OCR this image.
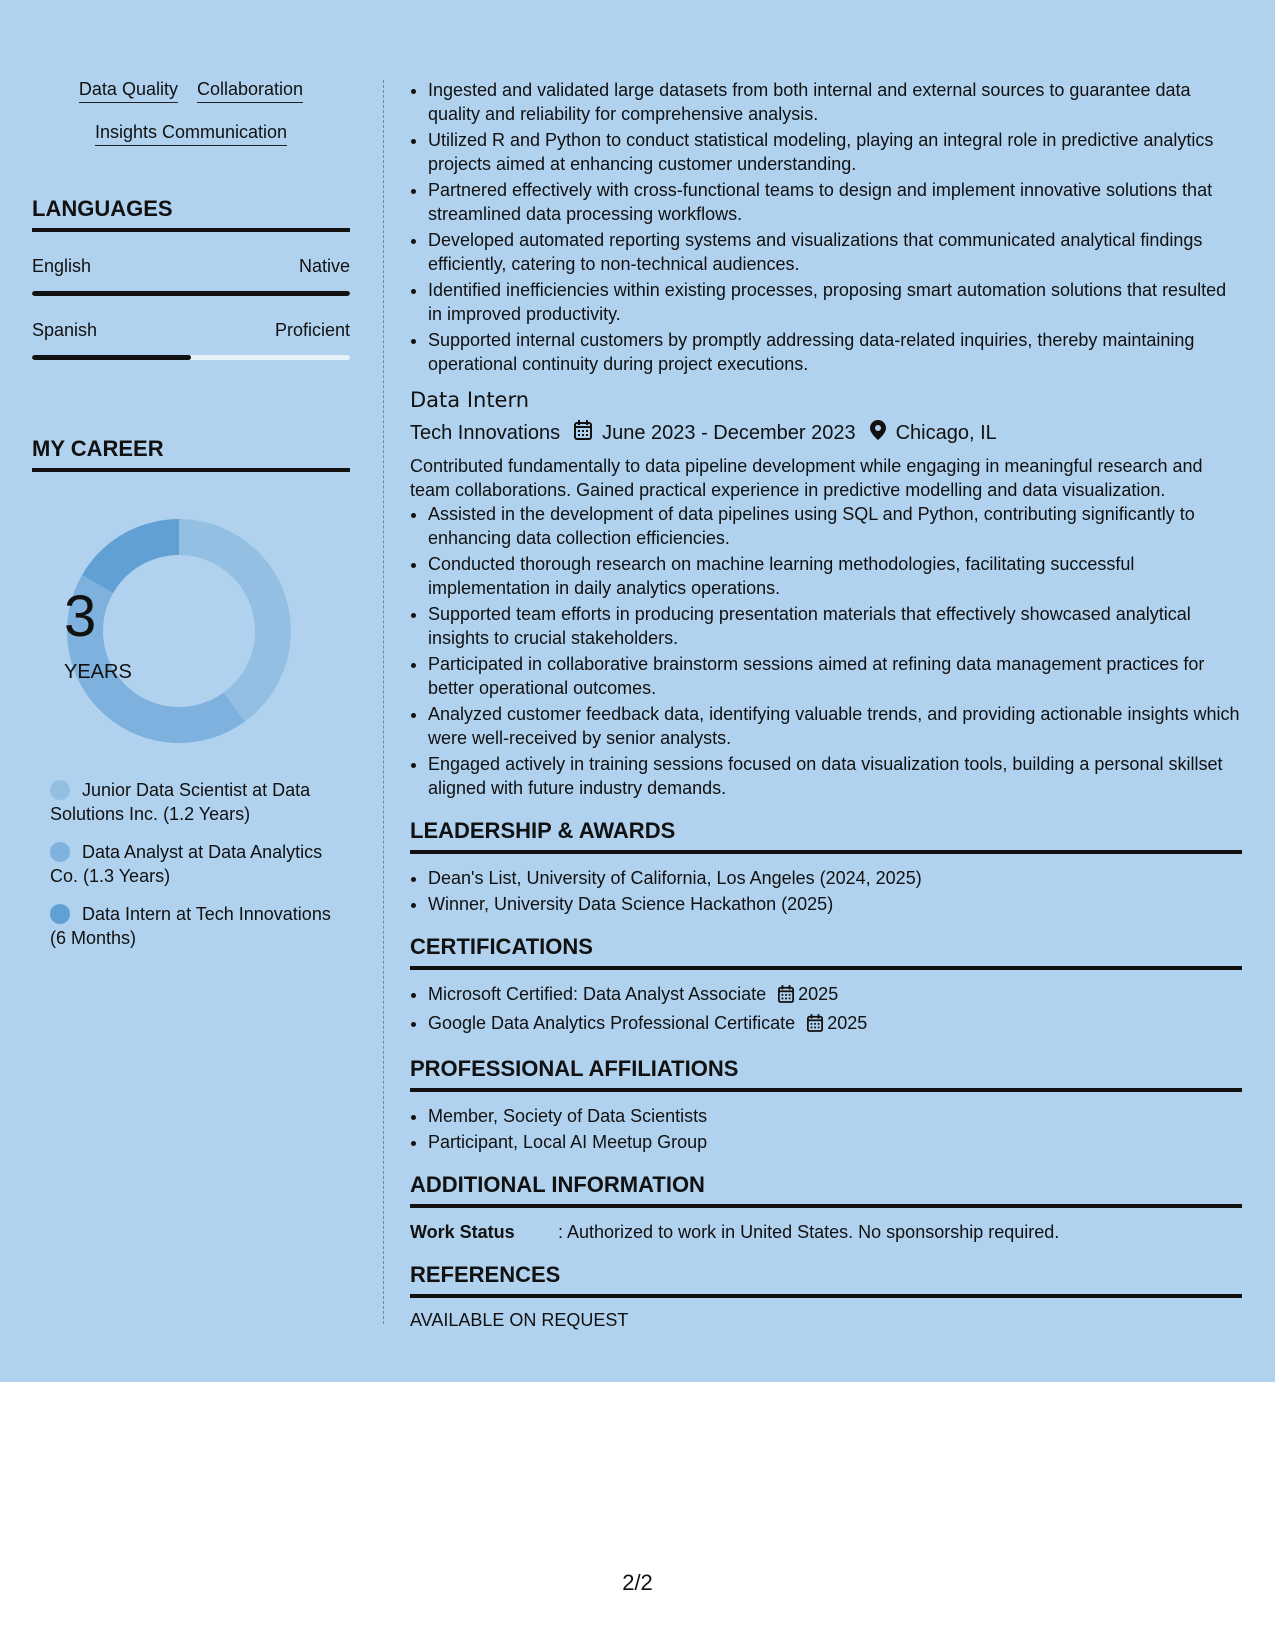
Data Quality Collaboration
Insights Communication
LANGUAGES
English	Native
Spanish	Proficient
MY CAREER
3
YEARS
Junior Data Scientist at Data Solutions Inc. (1.2 Years)
Data Analyst at Data Analytics Co. (1.3 Years)
Data Intern at Tech Innovations (6 Months)
• Ingested and validated large datasets from both internal and external sources to guarantee data quality and reliability for comprehensive analysis.
• Utilized R and Python to conduct statistical modeling, playing an integral role in predictive analytics projects aimed at enhancing customer understanding.
• Partnered effectively with cross-functional teams to design and implement innovative solutions that streamlined data processing workflows.
• Developed automated reporting systems and visualizations that communicated analytical findings efficiently, catering to non-technical audiences.
• Identified inefficiencies within existing processes, proposing smart automation solutions that resulted in improved productivity.
• Supported internal customers by promptly addressing data-related inquiries, thereby maintaining operational continuity during project executions.
Data Intern
Tech Innovations June 2023 - December 2023 Chicago, IL
Contributed fundamentally to data pipeline development while engaging in meaningful research and team collaborations. Gained practical experience in predictive modelling and data visualization.
• Assisted in the development of data pipelines using SQL and Python, contributing significantly to enhancing data collection efficiencies.
• Conducted thorough research on machine learning methodologies, facilitating successful implementation in daily analytics operations.
• Supported team efforts in producing presentation materials that effectively showcased analytical insights to crucial stakeholders.
• Participated in collaborative brainstorm sessions aimed at refining data management practices for better operational outcomes.
• Analyzed customer feedback data, identifying valuable trends, and providing actionable insights which were well-received by senior analysts.
• Engaged actively in training sessions focused on data visualization tools, building a personal skillset aligned with future industry demands.
LEADERSHIP & AWARDS
• Dean's List, University of California, Los Angeles (2024, 2025)
• Winner, University Data Science Hackathon (2025)
CERTIFICATIONS
• Microsoft Certified: Data Analyst Associate 2025
• Google Data Analytics Professional Certificate 2025
PROFESSIONAL AFFILIATIONS
• Member, Society of Data Scientists
• Participant, Local AI Meetup Group
ADDITIONAL INFORMATION
Work Status	: Authorized to work in United States. No sponsorship required.
REFERENCES
AVAILABLE ON REQUEST
2/2
